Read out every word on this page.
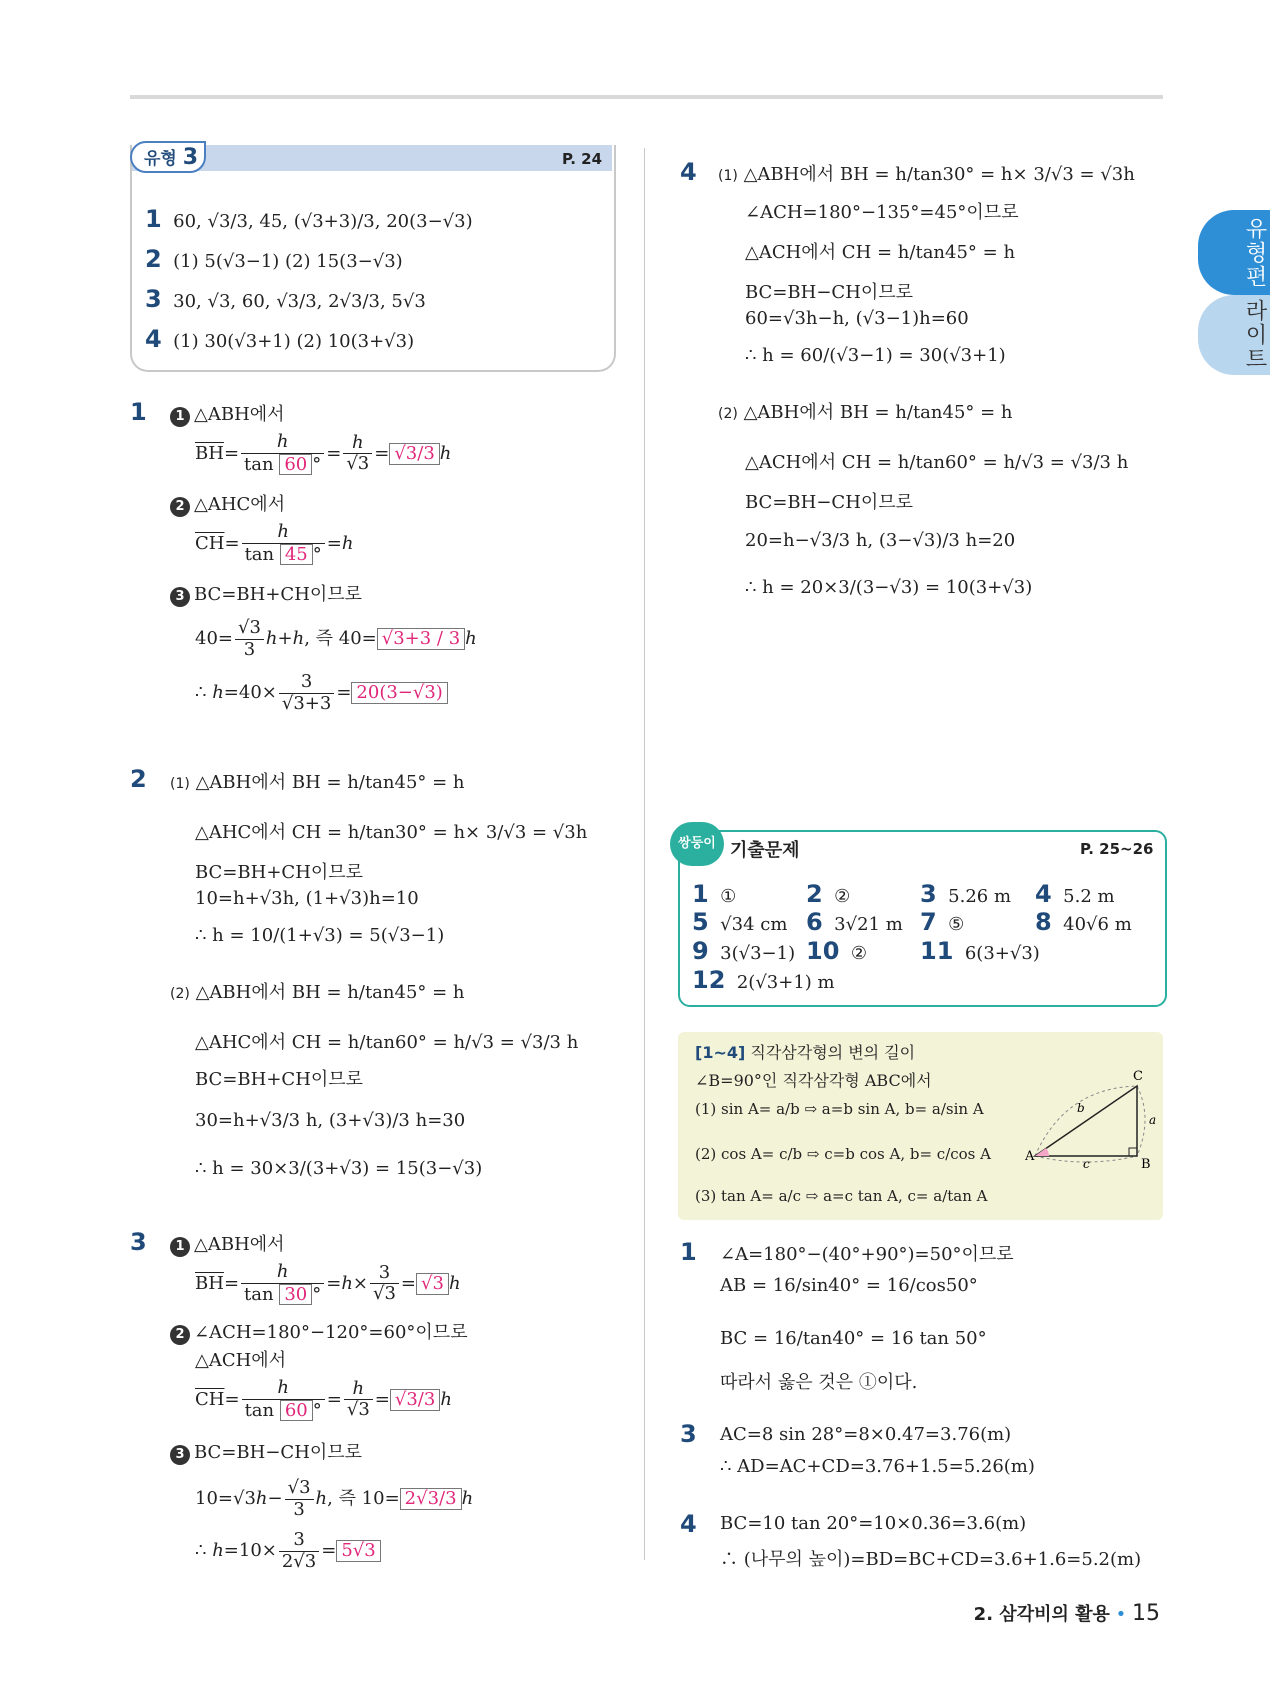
유형편
라이트
유형 3	P. 24
1 60, √3/3, 45, (√3+3)/3, 20(3−√3)
2 (1) 5(√3−1) (2) 15(3−√3)
3 30, √3, 60, √3/3, 2√3/3, 5√3
4 (1) 30(√3+1) (2) 10(3+√3)
1	1 △ABH에서
$\overline{BH}= \frac{h}{\tan 60 ^\circ} = \frac{h}{√3} = √3/3$ h
2 △AHC에서
$\overline{CH}= \frac{h}{\tan 45 ^\circ} =h$
3 BC=BH+CH이므로
$40= \frac{√3}{3} h+h$, 즉 40= √3+3 / 3 h
∴ $h=40\times \frac{3}{√3+3} = 20(3-√3)$
2 (1) △ABH에서 BH = h/tan45° = h
△AHC에서 CH = h/tan30° = h× 3/√3 = √3h
BC=BH+CH이므로
10=h+√3h, (1+√3)h=10
∴ h = 10/(1+√3) = 5(√3−1)
(2) △ABH에서 BH = h/tan45° = h
△AHC에서 CH = h/tan60° = h/√3 = √3/3 h
BC=BH+CH이므로
30=h+√3/3 h, (3+√3)/3 h=30
∴ h = 30×3/(3+√3) = 15(3−√3)
3	1 △ABH에서
$\overline{BH}= \frac{h}{\tan 30 ^\circ} =h\times \frac{3}{√3} = √3$ h
2 ∠ACH=180°−120°=60°이므로
△ACH에서
$\overline{CH}= \frac{h}{\tan 60 ^\circ} = \frac{h}{√3} = √3/3$ h
3 BC=BH−CH이므로
$10=√3h- \frac{√3}{3} h$, 즉 10= 2√3/3 h
∴ $h=10\times \frac{3}{2√3} = 5√3$
4 (1) △ABH에서 BH = h/tan30° = h× 3/√3 = √3h
∠ACH=180°−135°=45°이므로
△ACH에서 CH = h/tan45° = h
BC=BH−CH이므로
60=√3h−h, (√3−1)h=60
∴ h = 60/(√3−1) = 30(√3+1)
(2) △ABH에서 BH = h/tan45° = h
△ACH에서 CH = h/tan60° = h/√3 = √3/3 h
BC=BH−CH이므로
20=h−√3/3 h, (3−√3)/3 h=20
∴ h = 20×3/(3−√3) = 10(3+√3)
쌍둥이 기출문제	P. 25~26
1 ①	2 ②	3 5.26 m 4 5.2 m
5 √34 cm 6 3√21 m 7 ⑤	8 40√6 m
9 3(√3−1) 10 ② 11 6(3+√3)
12 2(√3+1) m
[1~4] 직각삼각형의 변의 길이
∠B=90°인 직각삼각형 ABC에서
(1) sin A= a/b ⇨ a=b sin A, b= a/sin A
(2) cos A= c/b ⇨ c=b cos A, b= c/cos A
(3) tan A= a/c ⇨ a=c tan A, c= a/tan A
A
B
C
a
b
c
1 ∠A=180°−(40°+90°)=50°이므로
AB = 16/sin40° = 16/cos50°
BC = 16/tan40° = 16 tan 50°
따라서 옳은 것은 ①이다.
3 AC=8 sin 28°=8×0.47=3.76(m)
∴ AD=AC+CD=3.76+1.5=5.26(m)
4 BC=10 tan 20°=10×0.36=3.6(m)
∴ (나무의 높이)=BD=BC+CD=3.6+1.6=5.2(m)
2. 삼각비의 활용 • 15
